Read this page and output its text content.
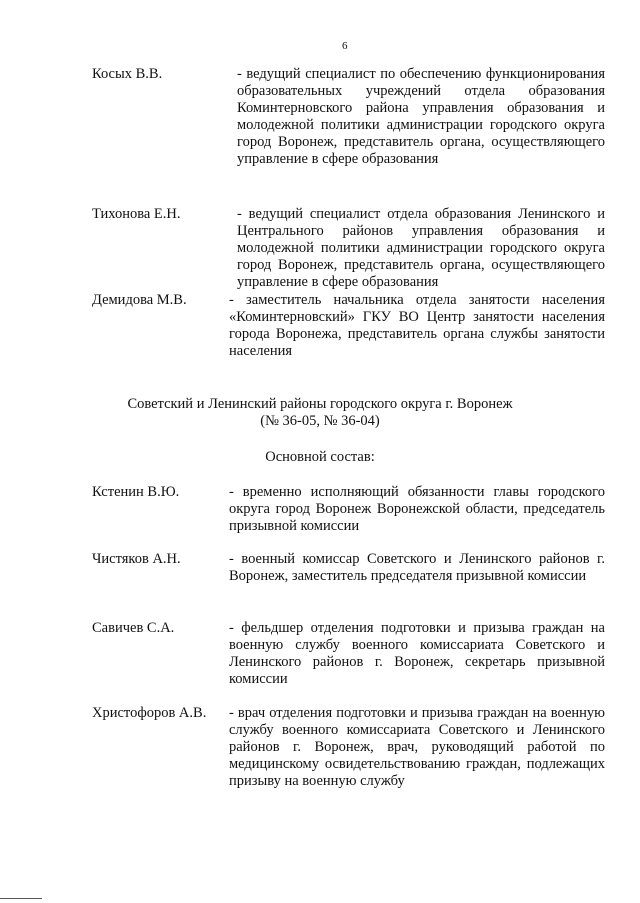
6
Косых В.В.	- ведущий специалист по обеспечению функционирования образовательных учреждений отдела образования Коминтерновского района управления образования и молодежной политики администрации городского округа город Воронеж, представитель органа, осуществляющего управление в сфере образования
Тихонова Е.Н.	- ведущий специалист отдела образования Ленинского и Центрального районов управления образования и молодежной политики администрации городского округа город Воронеж, представитель органа, осуществляющего управление в сфере образования
Демидова М.В.	- заместитель начальника отдела занятости населения «Коминтерновский» ГКУ ВО Центр занятости населения города Воронежа, представитель органа службы занятости населения
Советский и Ленинский районы городского округа г. Воронеж
(№ 36-05, № 36-04)
Основной состав:
Кстенин В.Ю.	- временно исполняющий обязанности главы городского округа город Воронеж Воронежской области, председатель призывной комиссии
Чистяков А.Н.	- военный комиссар Советского и Ленинского районов г. Воронеж, заместитель председателя призывной комиссии
Савичев С.А.	- фельдшер отделения подготовки и призыва граждан на военную службу военного комиссариата Советского и Ленинского районов г. Воронеж, секретарь призывной комиссии
Христофоров А.В. - врач отделения подготовки и призыва граждан на военную службу военного комиссариата Советского и Ленинского районов г. Воронеж, врач, руководящий работой по медицинскому освидетельствованию граждан, подлежащих призыву на военную службу
